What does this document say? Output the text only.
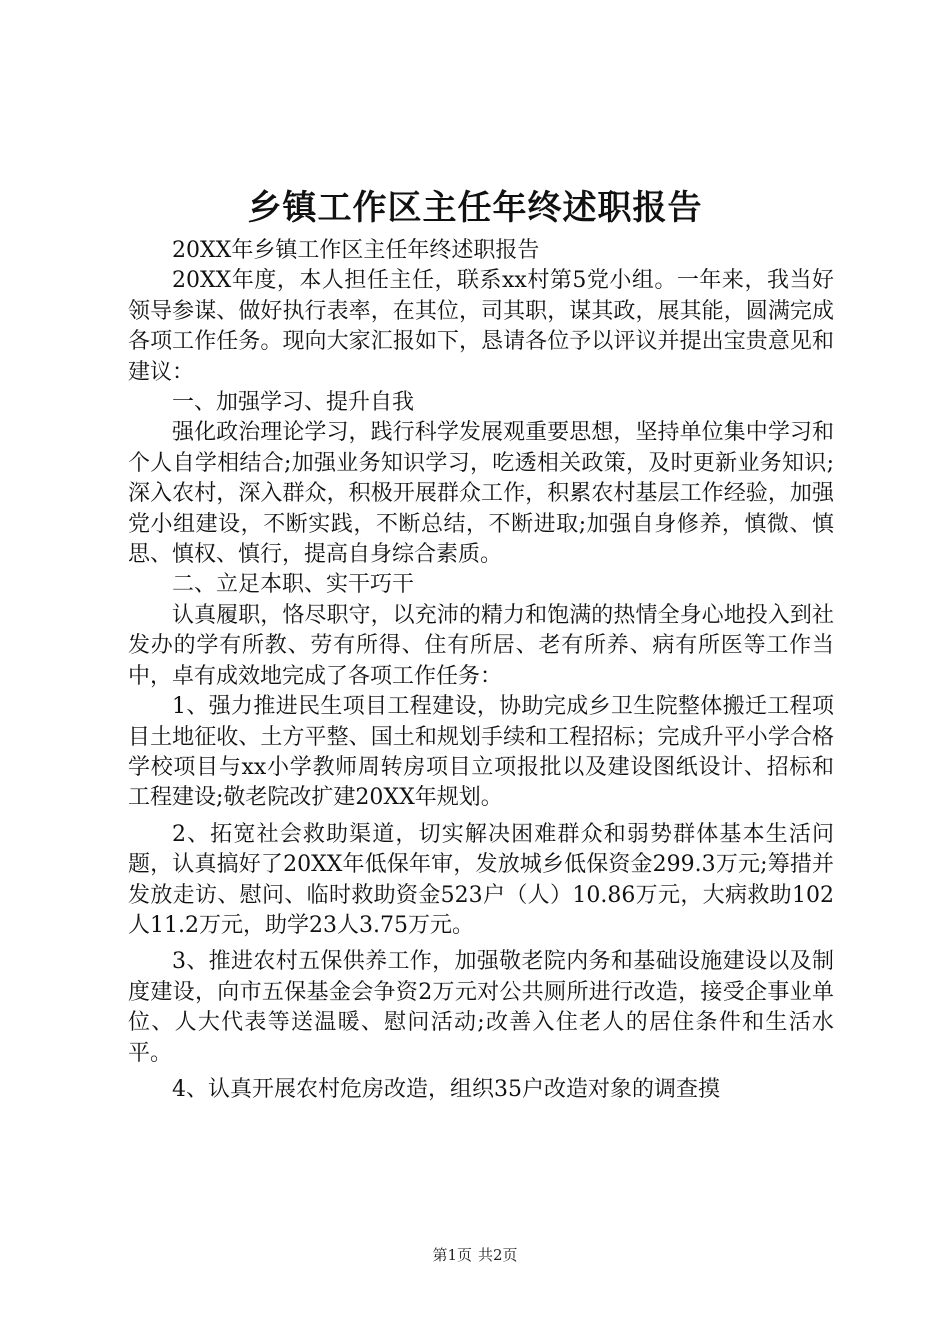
乡镇工作区主任年终述职报告

20XX年乡镇工作区主任年终述职报告

20XX年度，本人担任主任，联系xx村第5党小组。一年来，我当好领导参谋、做好执行表率，在其位，司其职，谋其政，展其能，圆满完成各项工作任务。现向大家汇报如下，恳请各位予以评议并提出宝贵意见和建议：

一、加强学习、提升自我

强化政治理论学习，践行科学发展观重要思想，坚持单位集中学习和个人自学相结合;加强业务知识学习，吃透相关政策，及时更新业务知识;深入农村，深入群众，积极开展群众工作，积累农村基层工作经验，加强党小组建设，不断实践，不断总结，不断进取;加强自身修养，慎微、慎思、慎权、慎行，提高自身综合素质。

二、立足本职、实干巧干

认真履职，恪尽职守，以充沛的精力和饱满的热情全身心地投入到社发办的学有所教、劳有所得、住有所居、老有所养、病有所医等工作当中，卓有成效地完成了各项工作任务：

1、强力推进民生项目工程建设，协助完成乡卫生院整体搬迁工程项目土地征收、土方平整、国土和规划手续和工程招标；完成升平小学合格学校项目与xx小学教师周转房项目立项报批以及建设图纸设计、招标和工程建设;敬老院改扩建20XX年规划。

2、拓宽社会救助渠道，切实解决困难群众和弱势群体基本生活问题，认真搞好了20XX年低保年审，发放城乡低保资金299.3万元;筹措并发放走访、慰问、临时救助资金523户（人）10.86万元，大病救助102人11.2万元，助学23人3.75万元。

3、推进农村五保供养工作，加强敬老院内务和基础设施建设以及制度建设，向市五保基金会争资2万元对公共厕所进行改造，接受企事业单位、人大代表等送温暖、慰问活动;改善入住老人的居住条件和生活水平。

4、认真开展农村危房改造，组织35户改造对象的调查摸

第1页 共2页
